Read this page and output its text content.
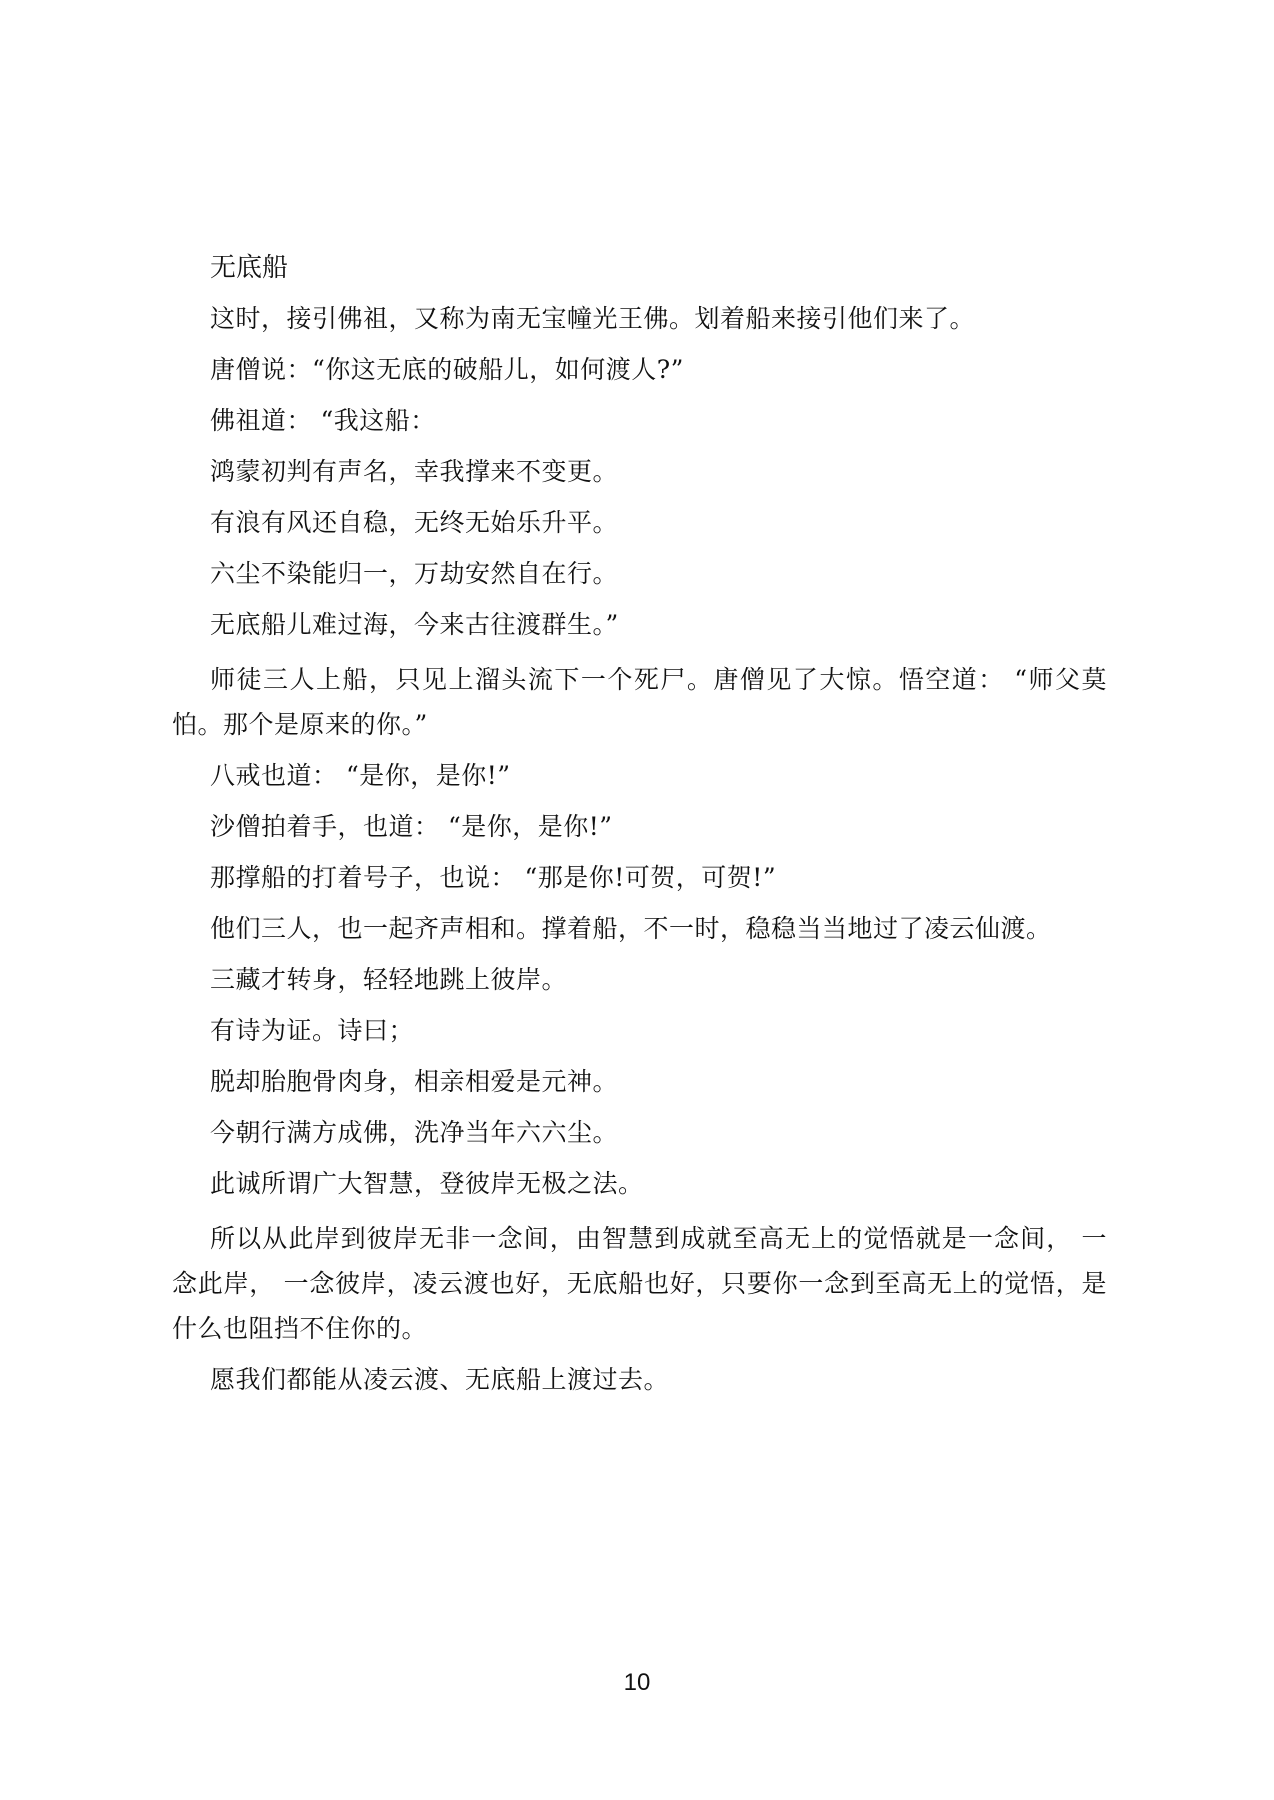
无底船
这时，接引佛祖，又称为南无宝幢光王佛。划着船来接引他们来了。
唐僧说：“你这无底的破船儿，如何渡人?”
佛祖道： “我这船：
鸿蒙初判有声名，幸我撑来不变更。
有浪有风还自稳，无终无始乐升平。
六尘不染能归一，万劫安然自在行。
无底船儿难过海，今来古往渡群生。”
师徒三人上船，只见上溜头流下一个死尸。唐僧见了大惊。悟空道： “师父莫怕。那个是原来的你。”
八戒也道： “是你，是你!”
沙僧拍着手，也道： “是你，是你!”
那撑船的打着号子，也说： “那是你!可贺，可贺!”
他们三人，也一起齐声相和。撑着船，不一时，稳稳当当地过了凌云仙渡。
三藏才转身，轻轻地跳上彼岸。
有诗为证。诗曰；
脱却胎胞骨肉身，相亲相爱是元神。
今朝行满方成佛，洗净当年六六尘。
此诚所谓广大智慧，登彼岸无极之法。
所以从此岸到彼岸无非一念间，由智慧到成就至高无上的觉悟就是一念间， 一念此岸， 一念彼岸，凌云渡也好，无底船也好，只要你一念到至高无上的觉悟，是什么也阻挡不住你的。
愿我们都能从凌云渡、无底船上渡过去。
10
